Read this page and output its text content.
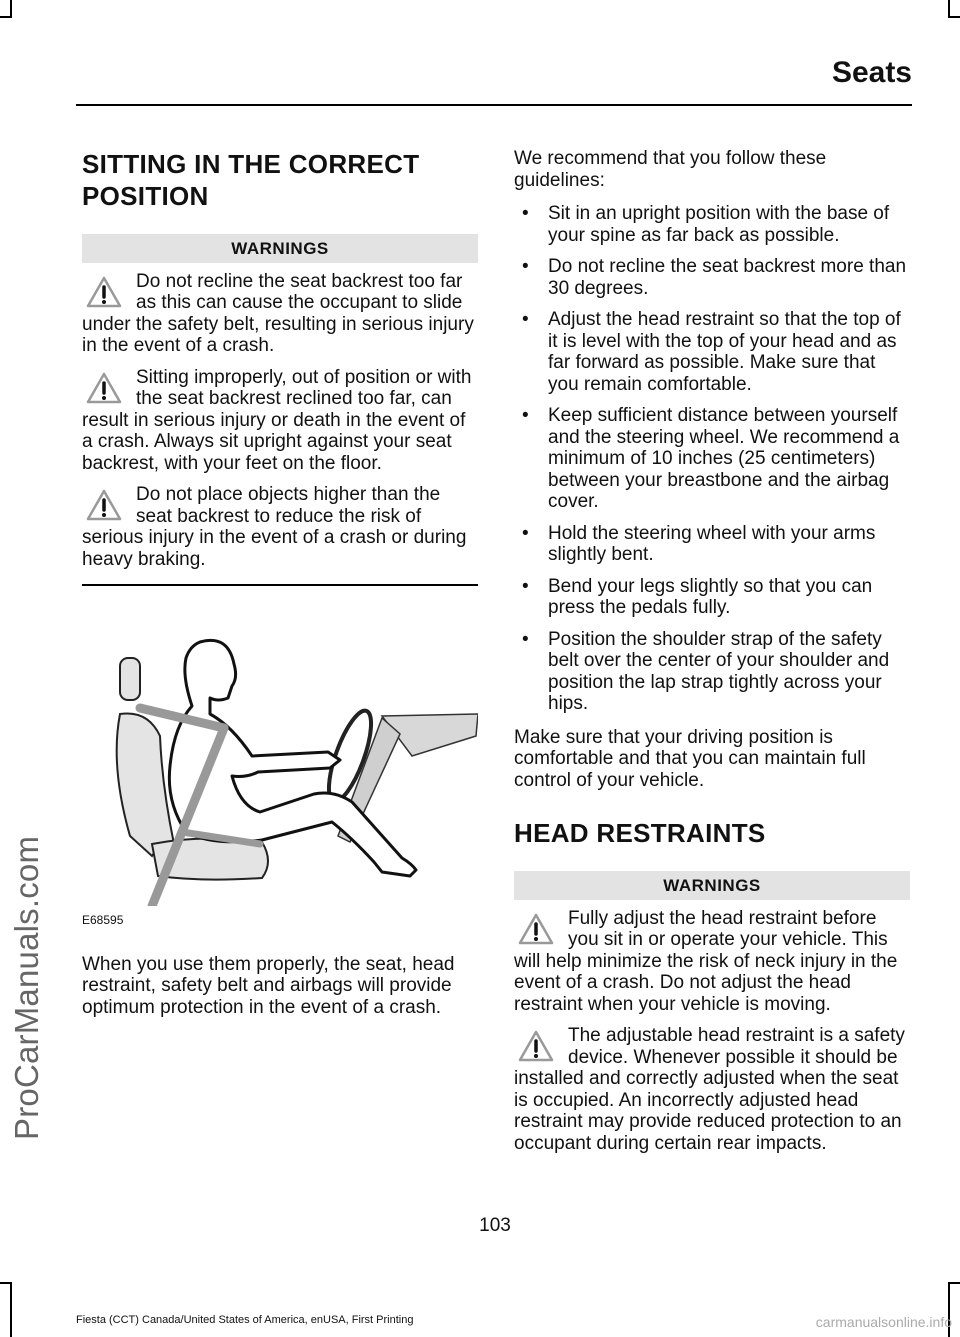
ProCarManuals.com
Seats
SITTING IN THE CORRECT POSITION
WARNINGS
Do not recline the seat backrest too far as this can cause the occupant to slide under the safety belt, resulting in serious injury in the event of a crash.
Sitting improperly, out of position or with the seat backrest reclined too far, can result in serious injury or death in the event of a crash. Always sit upright against your seat backrest, with your feet on the floor.
Do not place objects higher than the seat backrest to reduce the risk of serious injury in the event of a crash or during heavy braking.
E68595

When you use them properly, the seat, head restraint, safety belt and airbags will provide optimum protection in the event of a crash.

We recommend that you follow these guidelines:

• Sit in an upright position with the base of your spine as far back as possible.
• Do not recline the seat backrest more than 30 degrees.
• Adjust the head restraint so that the top of it is level with the top of your head and as far forward as possible. Make sure that you remain comfortable.
• Keep sufficient distance between yourself and the steering wheel. We recommend a minimum of 10 inches (25 centimeters) between your breastbone and the airbag cover.
• Hold the steering wheel with your arms slightly bent.
• Bend your legs slightly so that you can press the pedals fully.
• Position the shoulder strap of the safety belt over the center of your shoulder and position the lap strap tightly across your hips.

Make sure that your driving position is comfortable and that you can maintain full control of your vehicle.

HEAD RESTRAINTS
WARNINGS
Fully adjust the head restraint before you sit in or operate your vehicle. This will help minimize the risk of neck injury in the event of a crash. Do not adjust the head restraint when your vehicle is moving.
The adjustable head restraint is a safety device. Whenever possible it should be installed and correctly adjusted when the seat is occupied. An incorrectly adjusted head restraint may provide reduced protection to an occupant during certain rear impacts.
103
Fiesta (CCT) Canada/United States of America, enUSA, First Printing	carmanualsonline.info
